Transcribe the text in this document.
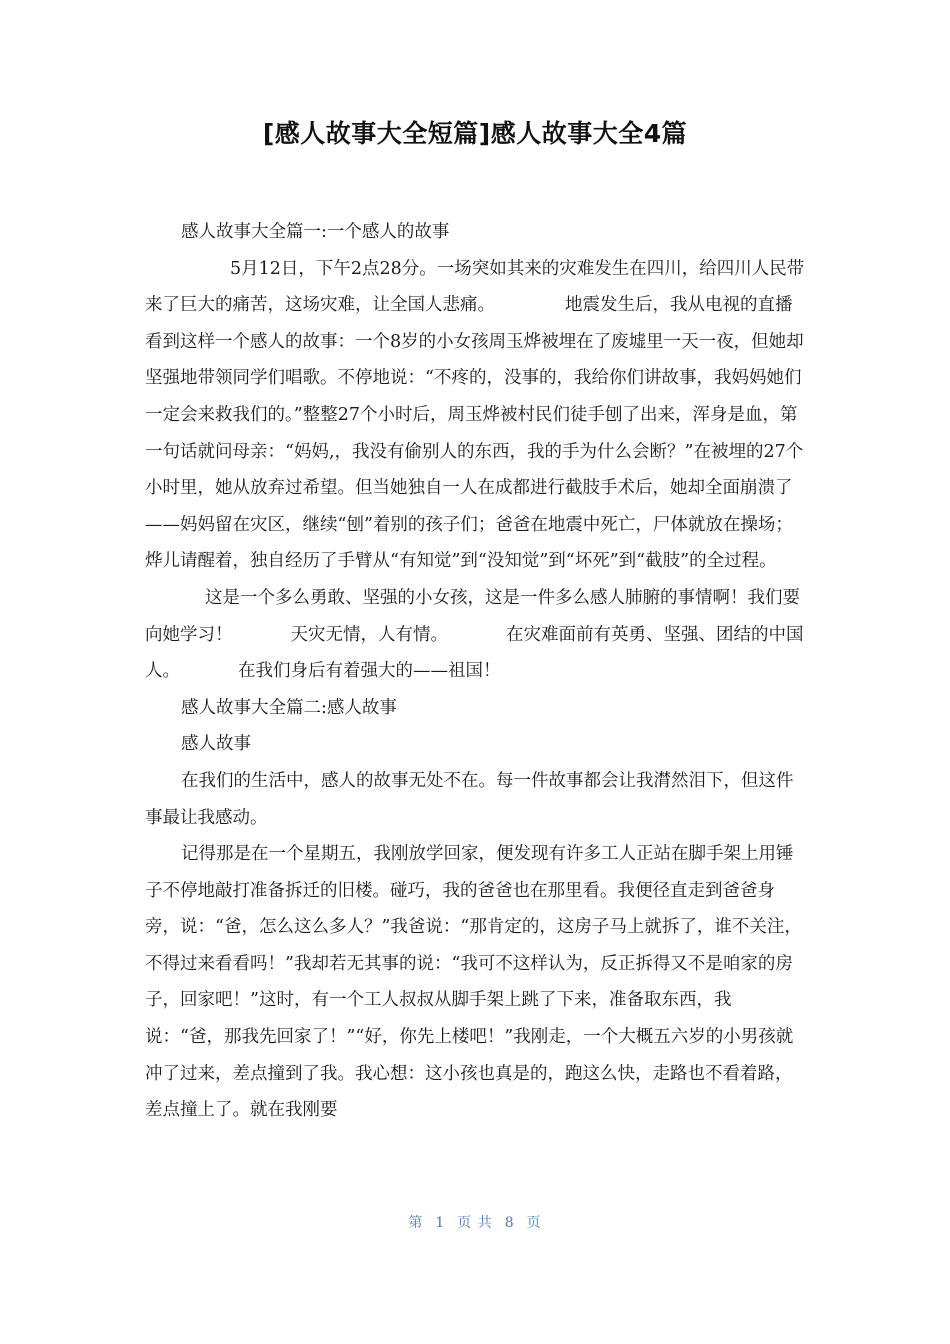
[感人故事大全短篇]感人故事大全4篇

感人故事大全篇一:一个感人的故事

5月12日，下午2点28分。一场突如其来的灾难发生在四川，给四川人民带来了巨大的痛苦，这场灾难，让全国人悲痛。	地震发生后，我从电视的直播看到这样一个感人的故事：一个8岁的小女孩周玉烨被埋在了废墟里一天一夜，但她却坚强地带领同学们唱歌。不停地说：“不疼的，没事的，我给你们讲故事，我妈妈她们一定会来救我们的。”整整27个小时后，周玉烨被村民们徒手刨了出来，浑身是血，第一句话就问母亲：“妈妈,，我没有偷别人的东西，我的手为什么会断？”在被埋的27个小时里，她从放弃过希望。但当她独自一人在成都进行截肢手术后，她却全面崩溃了——妈妈留在灾区，继续“刨”着别的孩子们；爸爸在地震中死亡，尸体就放在操场；烨儿请醒着，独自经历了手臂从“有知觉”到“没知觉”到“坏死”到“截肢”的全过程。这是一个多么勇敢、坚强的小女孩，这是一件多么感人肺腑的事情啊！我们要向她学习！	天灾无情，人有情。	在灾难面前有英勇、坚强、团结的中国人。	在我们身后有着强大的——祖国！

感人故事大全篇二:感人故事

感人故事

在我们的生活中，感人的故事无处不在。每一件故事都会让我潸然泪下，但这件事最让我感动。

记得那是在一个星期五，我刚放学回家，便发现有许多工人正站在脚手架上用锤子不停地敲打准备拆迁的旧楼。碰巧，我的爸爸也在那里看。我便径直走到爸爸身旁，说：“爸，怎么这么多人？”我爸说：“那肯定的，这房子马上就拆了，谁不关注，不得过来看看吗！”我却若无其事的说：“我可不这样认为，反正拆得又不是咱家的房子，回家吧！”这时，有一个工人叔叔从脚手架上跳了下来，准备取东西，我说：“爸，那我先回家了！”“好，你先上楼吧！”我刚走，一个大概五六岁的小男孩就冲了过来，差点撞到了我。我心想：这小孩也真是的，跑这么快，走路也不看着路，差点撞上了。就在我刚要

第 1 页 共 8 页
